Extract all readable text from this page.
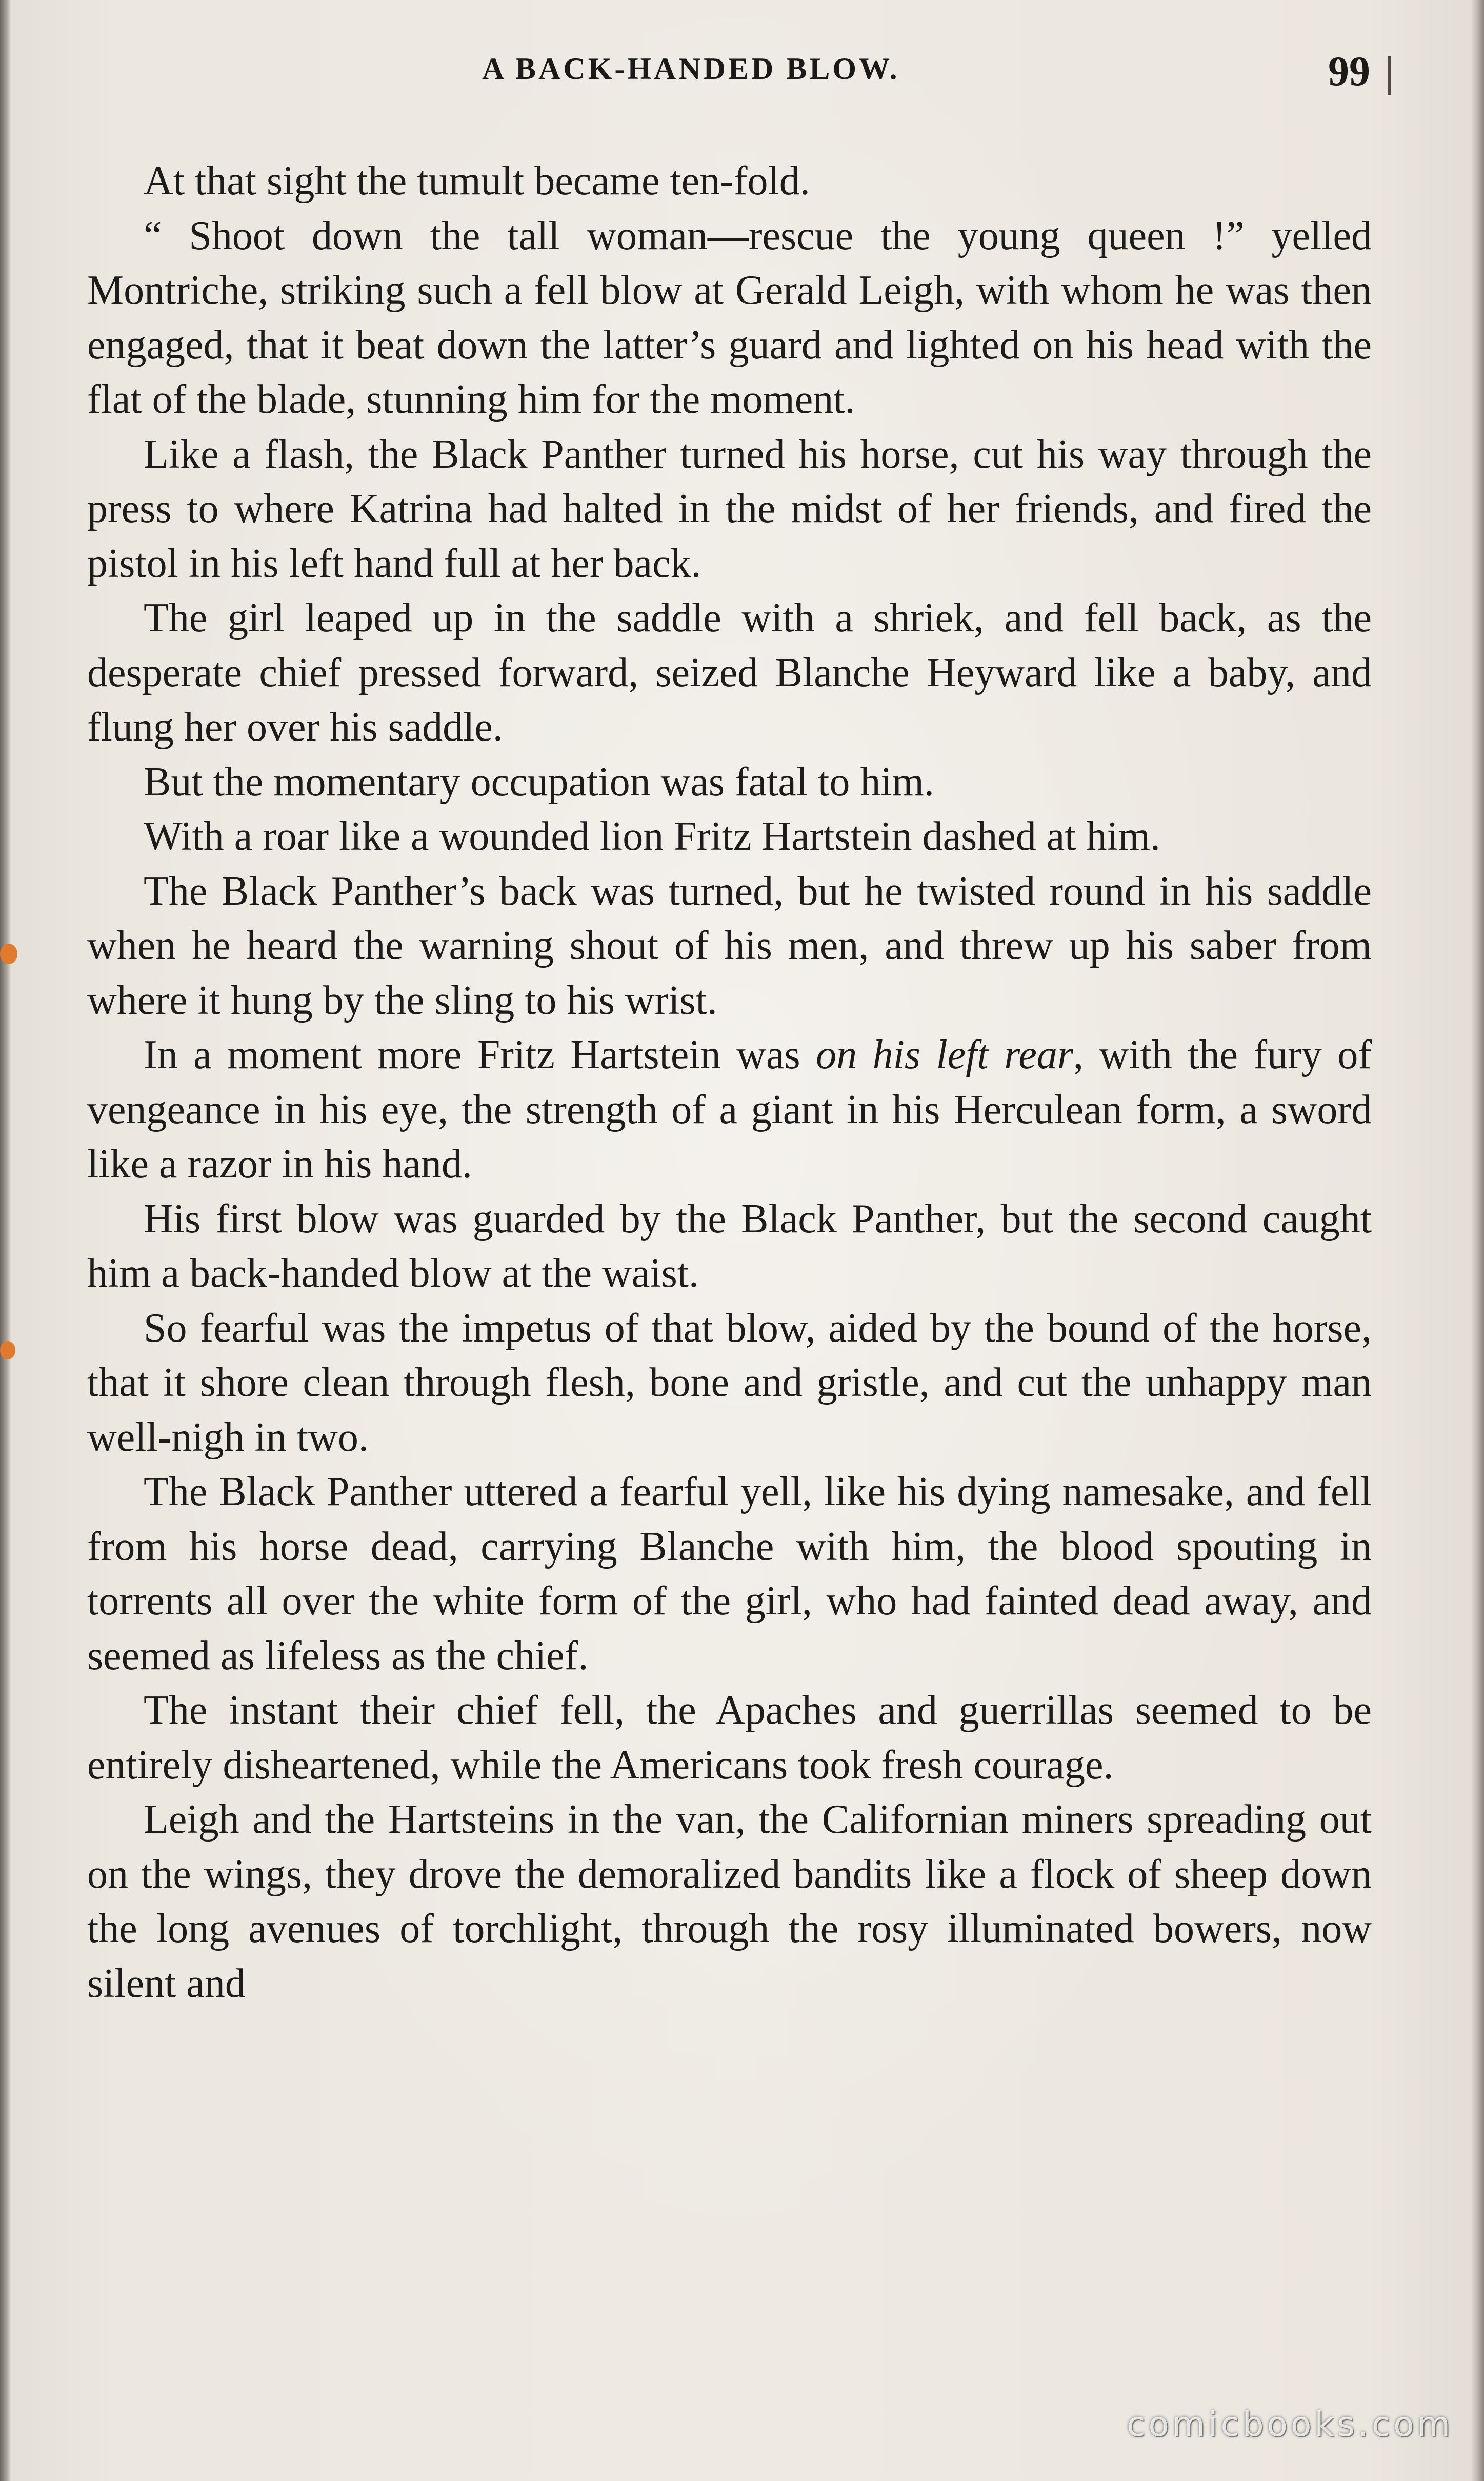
A BACK-HANDED BLOW.	99

At that sight the tumult became ten-fold.

“ Shoot down the tall woman—rescue the young queen !” yelled Montriche, striking such a fell blow at Gerald Leigh, with whom he was then engaged, that it beat down the latter’s guard and lighted on his head with the flat of the blade, stunning him for the moment.

Like a flash, the Black Panther turned his horse, cut his way through the press to where Katrina had halted in the midst of her friends, and fired the pistol in his left hand full at her back.

The girl leaped up in the saddle with a shriek, and fell back, as the desperate chief pressed forward, seized Blanche Heyward like a baby, and flung her over his saddle.

But the momentary occupation was fatal to him.

With a roar like a wounded lion Fritz Hartstein dashed at him.

The Black Panther’s back was turned, but he twisted round in his saddle when he heard the warning shout of his men, and threw up his saber from where it hung by the sling to his wrist.

In a moment more Fritz Hartstein was on his left rear, with the fury of vengeance in his eye, the strength of a giant in his Herculean form, a sword like a razor in his hand.

His first blow was guarded by the Black Panther, but the second caught him a back-handed blow at the waist.

So fearful was the impetus of that blow, aided by the bound of the horse, that it shore clean through flesh, bone and gristle, and cut the unhappy man well-nigh in two.

The Black Panther uttered a fearful yell, like his dying namesake, and fell from his horse dead, carrying Blanche with him, the blood spouting in torrents all over the white form of the girl, who had fainted dead away, and seemed as lifeless as the chief.

The instant their chief fell, the Apaches and guerrillas seemed to be entirely disheartened, while the Americans took fresh courage.

Leigh and the Hartsteins in the van, the Californian miners spreading out on the wings, they drove the demoralized bandits like a flock of sheep down the long avenues of torchlight, through the rosy illuminated bowers, now silent and

comicbooks.com
